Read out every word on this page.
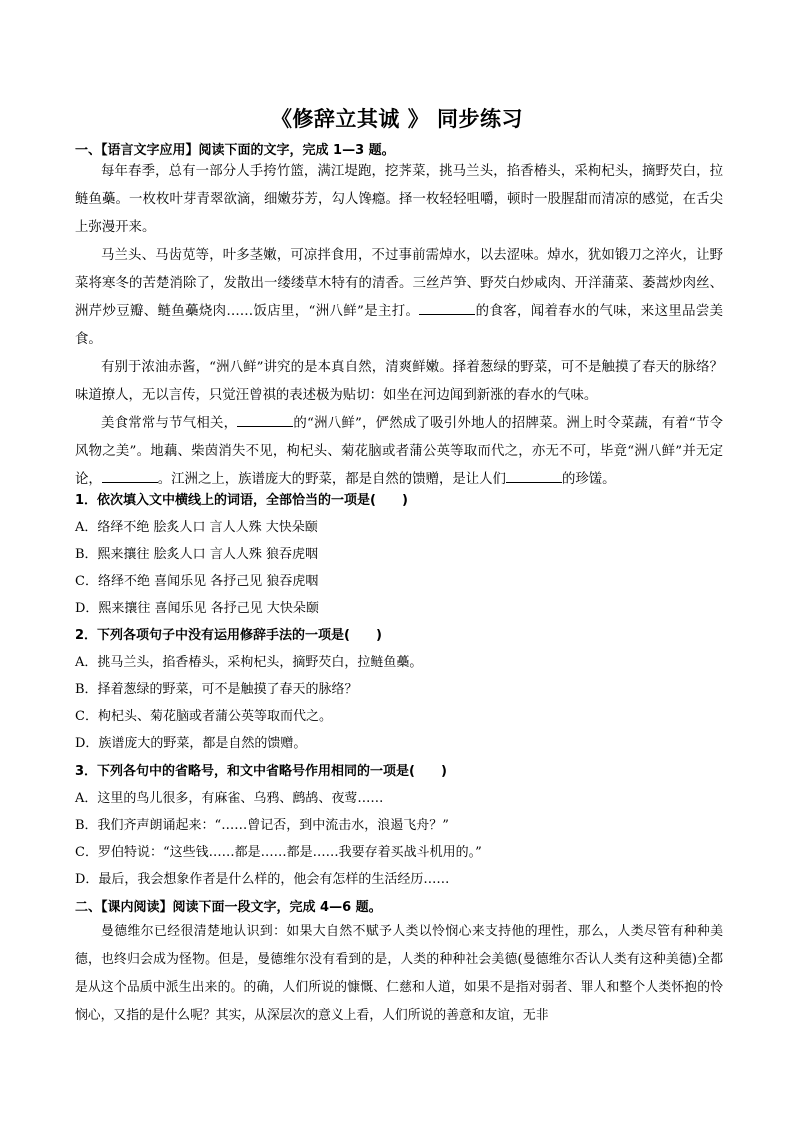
《修辞立其诚 》 同步练习
一、【语言文字应用】阅读下面的文字，完成 1—3 题。
每年春季，总有一部分人手挎竹篮，满江堤跑，挖荠菜，挑马兰头，掐香椿头，采枸杞头，摘野芡白，拉鲢鱼蘽。一枚枚叶芽青翠欲滴，细嫩芬芳，勾人馋瘾。择一枚轻轻咀嚼，顿时一股腥甜而清凉的感觉，在舌尖上弥漫开来。
马兰头、马齿苋等，叶多茎嫩，可凉拌食用，不过事前需焯水，以去涩味。焯水，犹如锻刀之淬火，让野菜将寒冬的苦楚消除了，发散出一缕缕草木特有的清香。三丝芦笋、野芡白炒咸肉、开洋蒲菜、萎蒿炒肉丝、洲芹炒豆瓣、鲢鱼蘽烧肉……饭店里，“洲八鲜”是主打。	的食客，闻着春水的气味，来这里品尝美食。
有别于浓油赤酱，“洲八鲜”讲究的是本真自然，清爽鲜嫩。择着葱绿的野菜，可不是触摸了春天的脉络？味道撩人，无以言传，只觉汪曾祺的表述极为贴切：如坐在河边闻到新涨的春水的气味。
美食常常与节气相关，	的“洲八鲜”，俨然成了吸引外地人的招牌菜。洲上时令菜蔬，有着“节令风物之美”。地藕、柴茵消失不见，枸杞头、菊花脑或者蒲公英等取而代之，亦无不可，毕竟“洲八鲜”并无定论，	。江洲之上，族谱庞大的野菜，都是自然的馈赠，是让人们	的珍馐。
1．依次填入文中横线上的词语，全部恰当的一项是(　　)
A．络绎不绝 脍炙人口 言人人殊 大快朵颐
B．熙来攘往 脍炙人口 言人人殊 狼吞虎咽
C．络绎不绝 喜闻乐见 各抒己见 狼吞虎咽
D．熙来攘往 喜闻乐见 各抒己见 大快朵颐
2．下列各项句子中没有运用修辞手法的一项是(　　)
A．挑马兰头，掐香椿头，采枸杞头，摘野芡白，拉鲢鱼蘽。
B．择着葱绿的野菜，可不是触摸了春天的脉络？
C．枸杞头、菊花脑或者蒲公英等取而代之。
D．族谱庞大的野菜，都是自然的馈赠。
3．下列各句中的省略号，和文中省略号作用相同的一项是(　　)
A．这里的鸟儿很多，有麻雀、乌鸦、鹧鸪、夜莺……
B．我们齐声朗诵起来：“……曾记否，到中流击水，浪遏飞舟？”
C．罗伯特说：“这些钱……都是……都是……我要存着买战斗机用的。”
D．最后，我会想象作者是什么样的，他会有怎样的生活经历……
二、【课内阅读】阅读下面一段文字，完成 4—6 题。
曼德维尔已经很清楚地认识到：如果大自然不赋予人类以怜悯心来支持他的理性，那么，人类尽管有种种美德，也终归会成为怪物。但是，曼德维尔没有看到的是，人类的种种社会美德(曼德维尔否认人类有这种美德)全都是从这个品质中派生出来的。的确，人们所说的慷慨、仁慈和人道，如果不是指对弱者、罪人和整个人类怀抱的怜悯心，又指的是什么呢？其实，从深层次的意义上看，人们所说的善意和友谊，无非
